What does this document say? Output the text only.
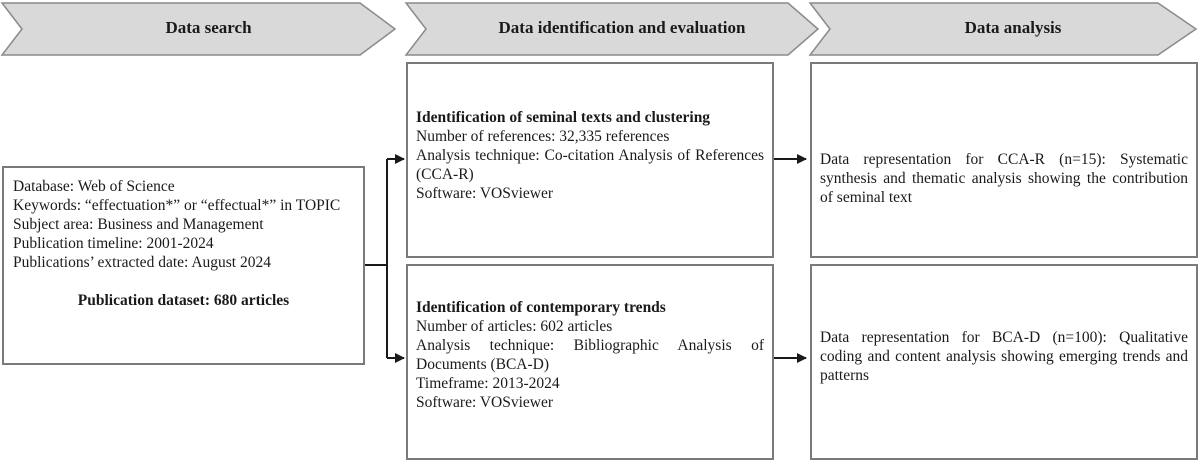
Data search	Data identification and evaluation	Data analysis

Database: Web of Science

Keywords: “effectuation*” or “effectual*” in TOPIC

Subject area: Business and Management

Publication timeline: 2001-2024

Publications’ extracted date: August 2024

Publication dataset: 680 articles

Identification of seminal texts and clustering

Number of references: 32,335 references

Analysis technique: Co-citation Analysis of References (CCA-R)

Software: VOSviewer

Identification of contemporary trends

Number of articles: 602 articles

Analysis technique: Bibliographic Analysis of Documents (BCA-D)

Timeframe: 2013-2024

Software: VOSviewer

Data representation for CCA-R (n=15): Systematic synthesis and thematic analysis showing the contribution of seminal text

Data representation for BCA-D (n=100): Qualitative coding and content analysis showing emerging trends and patterns
